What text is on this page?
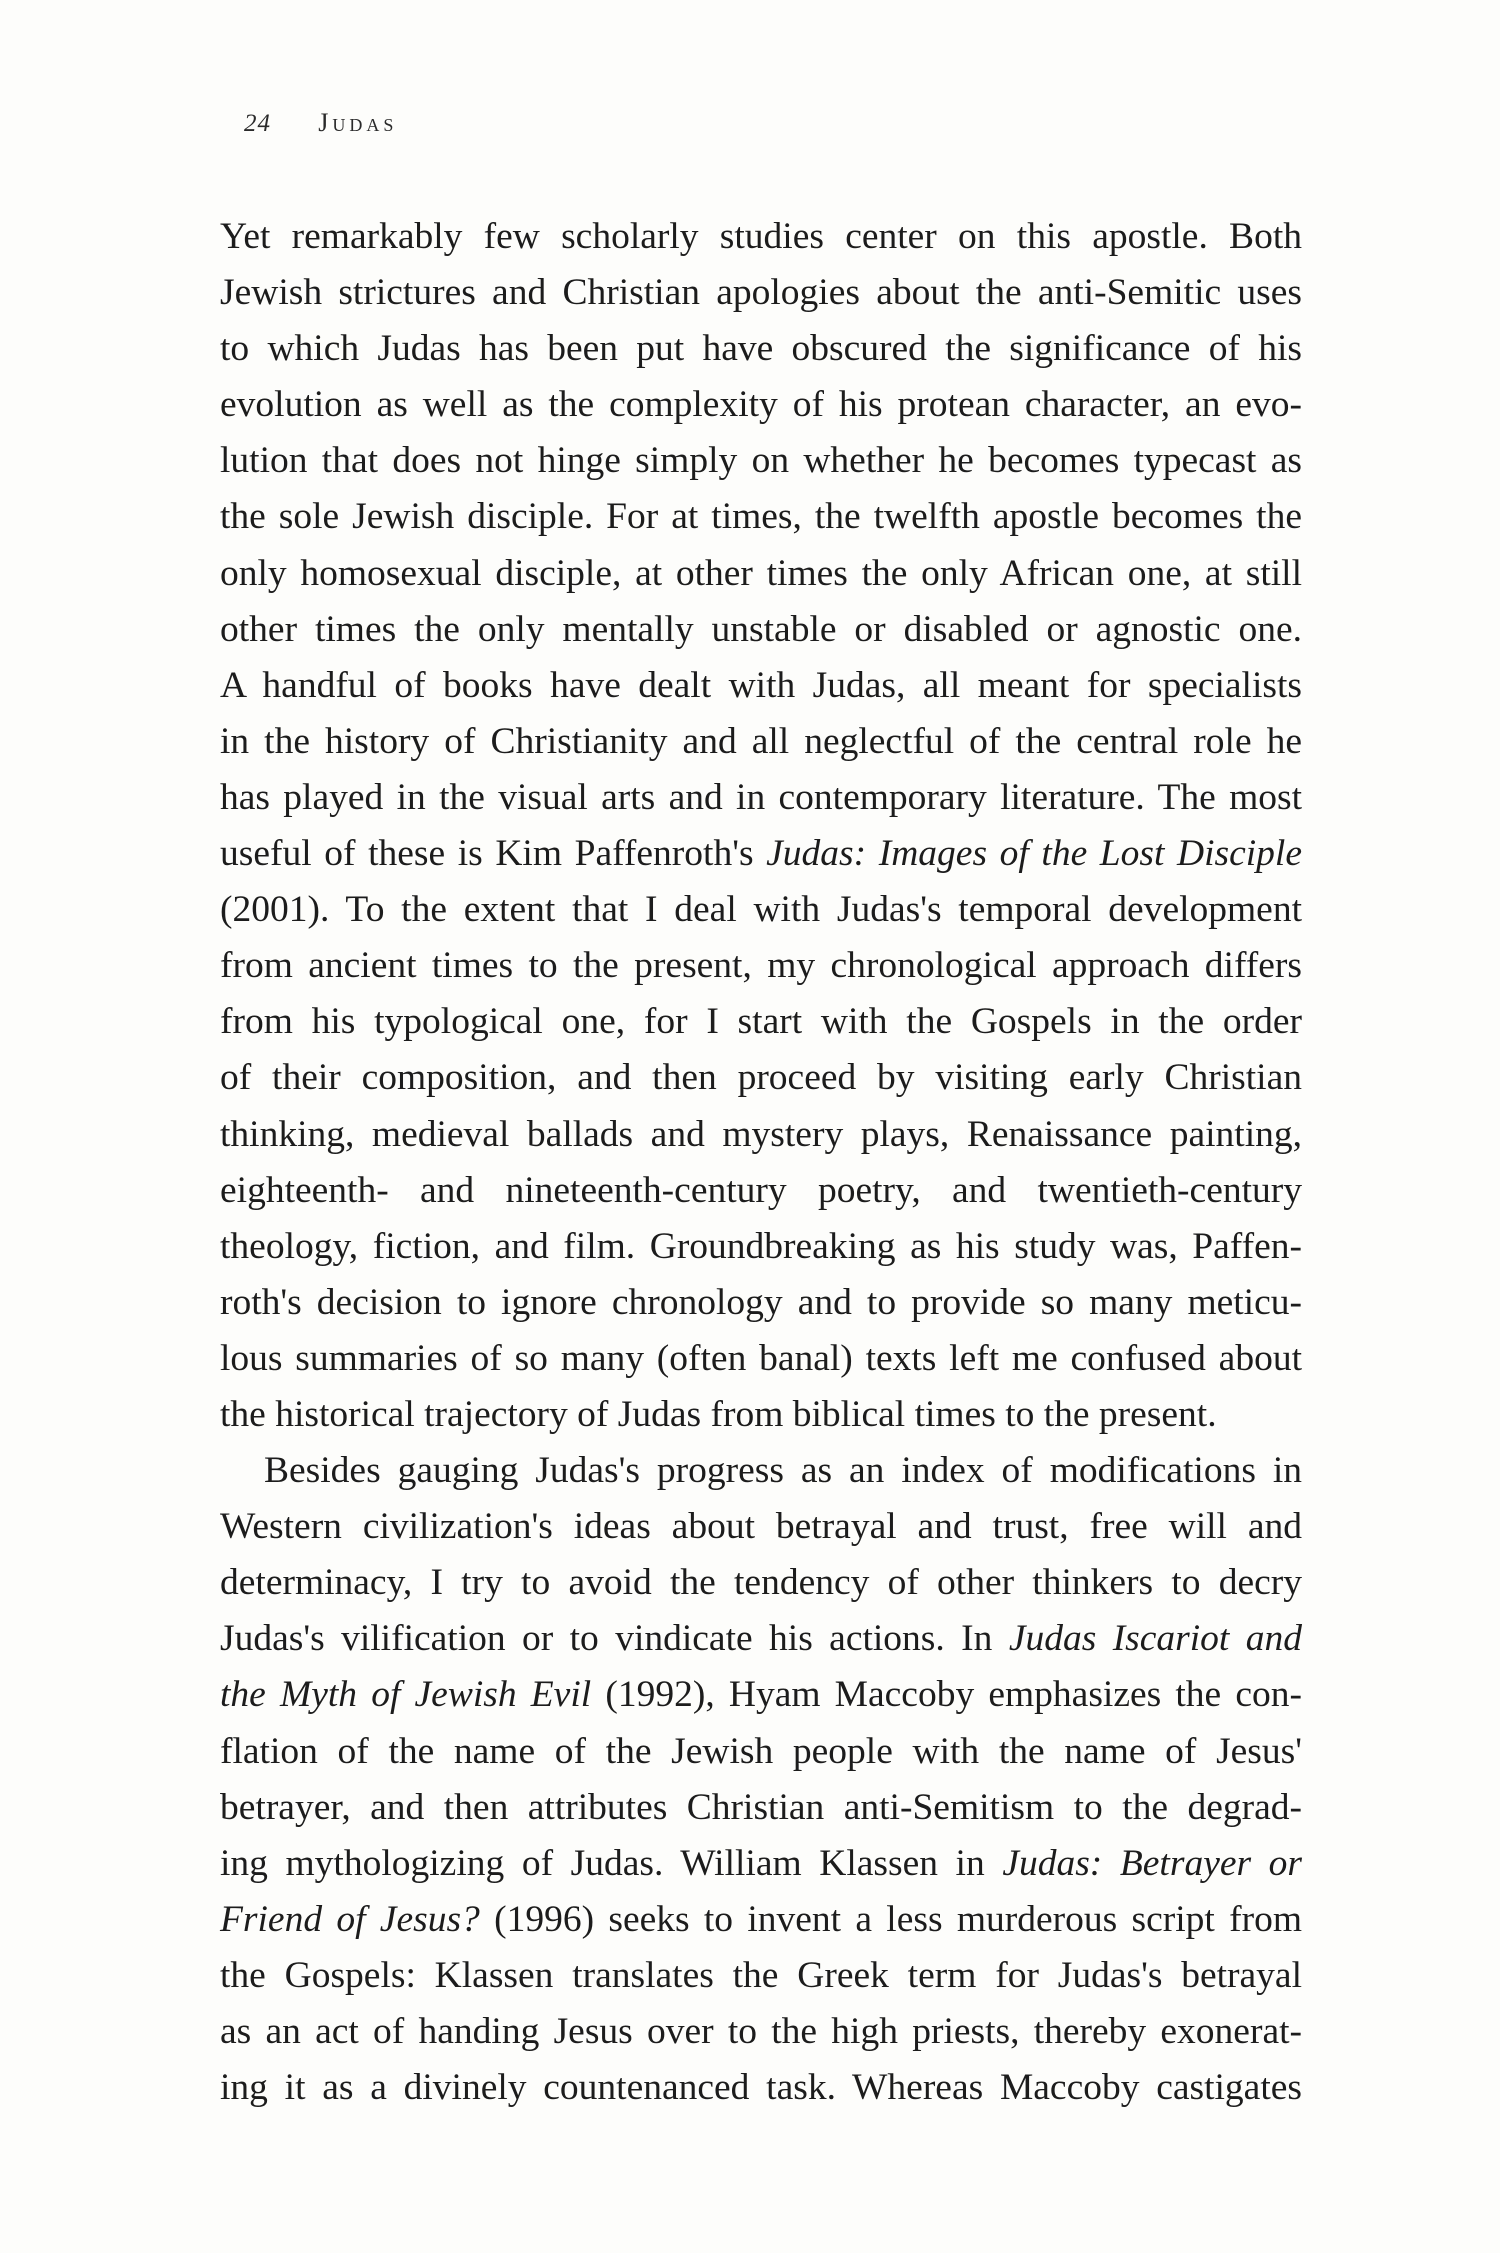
24 Judas
Yet remarkably few scholarly studies center on this apostle. Both
Jewish strictures and Christian apologies about the anti-Semitic uses
to which Judas has been put have obscured the significance of his
evolution as well as the complexity of his protean character, an evo-
lution that does not hinge simply on whether he becomes typecast as
the sole Jewish disciple. For at times, the twelfth apostle becomes the
only homosexual disciple, at other times the only African one, at still
other times the only mentally unstable or disabled or agnostic one.
A handful of books have dealt with Judas, all meant for specialists
in the history of Christianity and all neglectful of the central role he
has played in the visual arts and in contemporary literature. The most
useful of these is Kim Paffenroth's Judas: Images of the Lost Disciple
(2001). To the extent that I deal with Judas's temporal development
from ancient times to the present, my chronological approach differs
from his typological one, for I start with the Gospels in the order
of their composition, and then proceed by visiting early Christian
thinking, medieval ballads and mystery plays, Renaissance painting,
eighteenth- and nineteenth-century poetry, and twentieth-century
theology, fiction, and film. Groundbreaking as his study was, Paffen-
roth's decision to ignore chronology and to provide so many meticu-
lous summaries of so many (often banal) texts left me confused about
the historical trajectory of Judas from biblical times to the present.
Besides gauging Judas's progress as an index of modifications in
Western civilization's ideas about betrayal and trust, free will and
determinacy, I try to avoid the tendency of other thinkers to decry
Judas's vilification or to vindicate his actions. In Judas Iscariot and
the Myth of Jewish Evil (1992), Hyam Maccoby emphasizes the con-
flation of the name of the Jewish people with the name of Jesus'
betrayer, and then attributes Christian anti-Semitism to the degrad-
ing mythologizing of Judas. William Klassen in Judas: Betrayer or
Friend of Jesus? (1996) seeks to invent a less murderous script from
the Gospels: Klassen translates the Greek term for Judas's betrayal
as an act of handing Jesus over to the high priests, thereby exonerat-
ing it as a divinely countenanced task. Whereas Maccoby castigates
